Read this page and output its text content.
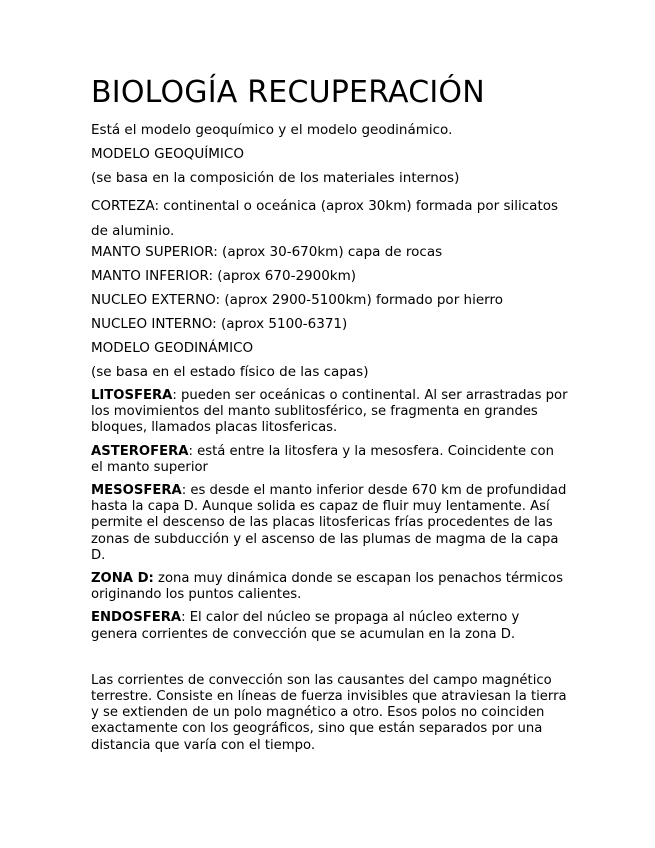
BIOLOGÍA RECUPERACIÓN

Está el modelo geoquímico y el modelo geodinámico.

MODELO GEOQUÍMICO

(se basa en la composición de los materiales internos)

CORTEZA: continental o oceánica (aprox 30km) formada por silicatos de aluminio.

MANTO SUPERIOR: (aprox 30-670km) capa de rocas

MANTO INFERIOR: (aprox 670-2900km)

NUCLEO EXTERNO: (aprox 2900-5100km) formado por hierro

NUCLEO INTERNO: (aprox 5100-6371)

MODELO GEODINÁMICO

(se basa en el estado físico de las capas)

LITOSFERA: pueden ser oceánicas o continental. Al ser arrastradas por los movimientos del manto sublitosférico, se fragmenta en grandes bloques, llamados placas litosfericas.

ASTEROFERA: está entre la litosfera y la mesosfera. Coincidente con el manto superior

MESOSFERA: es desde el manto inferior desde 670 km de profundidad hasta la capa D. Aunque solida es capaz de fluir muy lentamente. Así permite el descenso de las placas litosfericas frías procedentes de las zonas de subducción y el ascenso de las plumas de magma de la capa D.

ZONA D: zona muy dinámica donde se escapan los penachos térmicos originando los puntos calientes.

ENDOSFERA: El calor del núcleo se propaga al núcleo externo y genera corrientes de convección que se acumulan en la zona D.

Las corrientes de convección son las causantes del campo magnético terrestre. Consiste en líneas de fuerza invisibles que atraviesan la tierra y se extienden de un polo magnético a otro. Esos polos no coinciden exactamente con los geográficos, sino que están separados por una distancia que varía con el tiempo.
